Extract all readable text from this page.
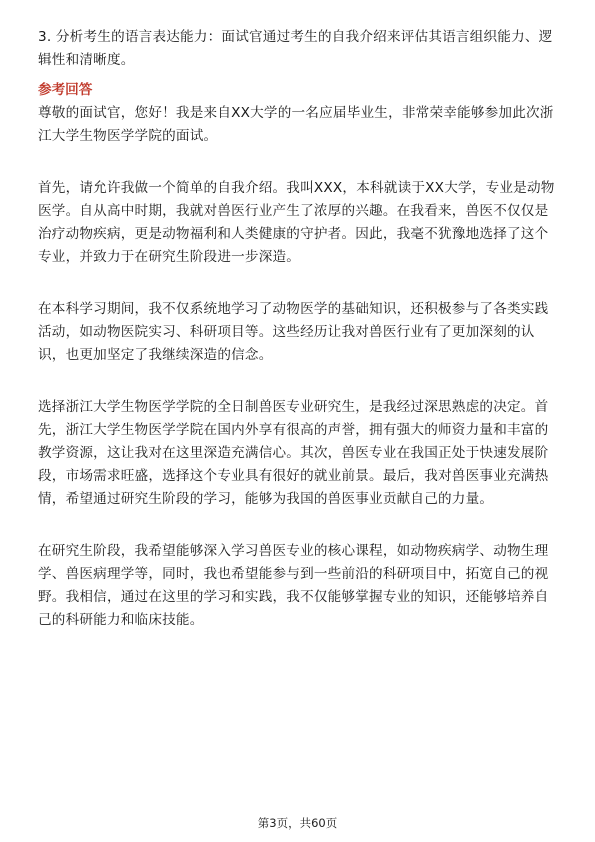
3. 分析考生的语言表达能力：面试官通过考生的自我介绍来评估其语言组织能力、逻辑性和清晰度。

参考回答

尊敬的面试官，您好！我是来自XX大学的一名应届毕业生，非常荣幸能够参加此次浙江大学生物医学学院的面试。

首先，请允许我做一个简单的自我介绍。我叫XXX，本科就读于XX大学，专业是动物医学。自从高中时期，我就对兽医行业产生了浓厚的兴趣。在我看来，兽医不仅仅是治疗动物疾病，更是动物福利和人类健康的守护者。因此，我毫不犹豫地选择了这个专业，并致力于在研究生阶段进一步深造。

在本科学习期间，我不仅系统地学习了动物医学的基础知识，还积极参与了各类实践活动，如动物医院实习、科研项目等。这些经历让我对兽医行业有了更加深刻的认识，也更加坚定了我继续深造的信念。

选择浙江大学生物医学学院的全日制兽医专业研究生，是我经过深思熟虑的决定。首先，浙江大学生物医学学院在国内外享有很高的声誉，拥有强大的师资力量和丰富的教学资源，这让我对在这里深造充满信心。其次，兽医专业在我国正处于快速发展阶段，市场需求旺盛，选择这个专业具有很好的就业前景。最后，我对兽医事业充满热情，希望通过研究生阶段的学习，能够为我国的兽医事业贡献自己的力量。

在研究生阶段，我希望能够深入学习兽医专业的核心课程，如动物疾病学、动物生理学、兽医病理学等，同时，我也希望能参与到一些前沿的科研项目中，拓宽自己的视野。我相信，通过在这里的学习和实践，我不仅能够掌握专业的知识，还能够培养自己的科研能力和临床技能。

第3页，共60页
